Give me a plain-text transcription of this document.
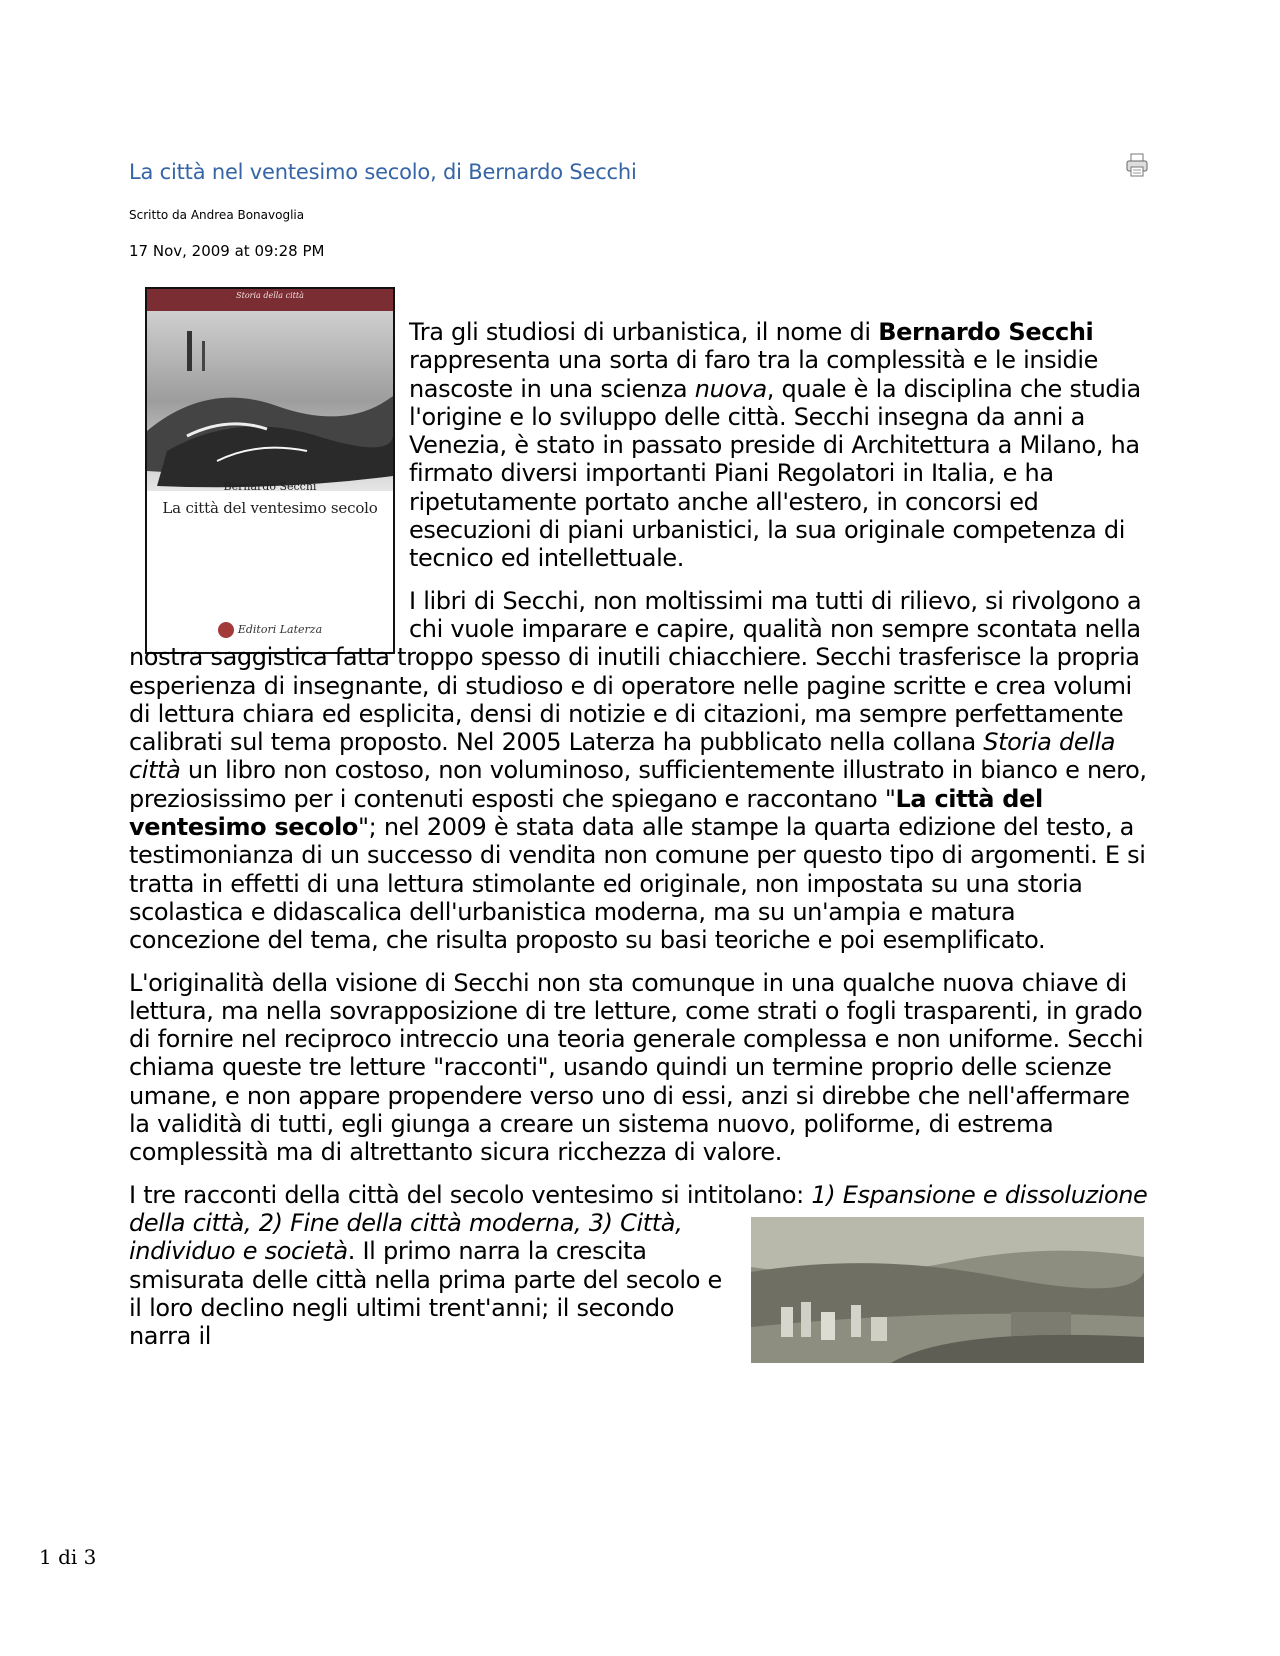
La città nel ventesimo secolo, di Bernardo Secchi
Scritto da Andrea Bonavoglia
17 Nov, 2009 at 09:28 PM
Storia della città
Bernardo Secchi
La città del ventesimo secolo
Editori Laterza

Tra gli studiosi di urbanistica, il nome di Bernardo Secchi rappresenta una sorta di faro tra la complessità e le insidie nascoste in una scienza nuova, quale è la disciplina che studia l'origine e lo sviluppo delle città. Secchi insegna da anni a Venezia, è stato in passato preside di Architettura a Milano, ha firmato diversi importanti Piani Regolatori in Italia, e ha ripetutamente portato anche all'estero, in concorsi ed esecuzioni di piani urbanistici, la sua originale competenza di tecnico ed intellettuale.

I libri di Secchi, non moltissimi ma tutti di rilievo, si rivolgono a chi vuole imparare e capire, qualità non sempre scontata nella nostra saggistica fatta troppo spesso di inutili chiacchiere. Secchi trasferisce la propria esperienza di insegnante, di studioso e di operatore nelle pagine scritte e crea volumi di lettura chiara ed esplicita, densi di notizie e di citazioni, ma sempre perfettamente calibrati sul tema proposto. Nel 2005 Laterza ha pubblicato nella collana Storia della città un libro non costoso, non voluminoso, sufficientemente illustrato in bianco e nero, preziosissimo per i contenuti esposti che spiegano e raccontano "La città del ventesimo secolo"; nel 2009 è stata data alle stampe la quarta edizione del testo, a testimonianza di un successo di vendita non comune per questo tipo di argomenti. E si tratta in effetti di una lettura stimolante ed originale, non impostata su una storia scolastica e didascalica dell'urbanistica moderna, ma su un'ampia e matura concezione del tema, che risulta proposto su basi teoriche e poi esemplificato.

L'originalità della visione di Secchi non sta comunque in una qualche nuova chiave di lettura, ma nella sovrapposizione di tre letture, come strati o fogli trasparenti, in grado di fornire nel reciproco intreccio una teoria generale complessa e non uniforme. Secchi chiama queste tre letture "racconti", usando quindi un termine proprio delle scienze umane, e non appare propendere verso uno di essi, anzi si direbbe che nell'affermare la validità di tutti, egli giunga a creare un sistema nuovo, poliforme, di estrema complessità ma di altrettanto sicura ricchezza di valore.

I tre racconti della città del secolo ventesimo si intitolano:
1) Espansione e dissoluzione della città, 2) Fine della città moderna, 3) Città, individuo e società. Il primo narra la crescita smisurata delle città nella prima parte del secolo e il loro declino negli ultimi trent'anni; il secondo narra il

1 di 3
